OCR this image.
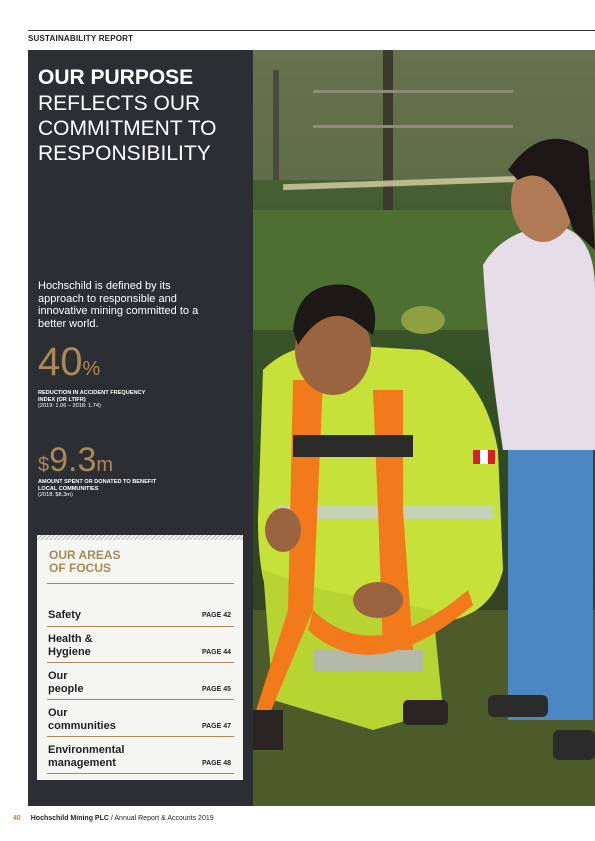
SUSTAINABILITY REPORT
OUR PURPOSE
REFLECTS OUR COMMITMENT TO RESPONSIBILITY
Hochschild is defined by its approach to responsible and innovative mining committed to a better world.
40%
REDUCTION IN ACCIDENT FREQUENCY INDEX (OR LTIFR)
(2019: 1.06 – 2018: 1.74)
$9.3m
AMOUNT SPENT OR DONATED TO BENEFIT LOCAL COMMUNITIES
(2018: $8.3m)
OUR AREAS
OF FOCUS
Safety	PAGE 42
Health &
Hygiene	PAGE 44
Our
people	PAGE 45
Our
communities	PAGE 47
Environmental
management	PAGE 48
40 Hochschild Mining PLC / Annual Report & Accounts 2019
